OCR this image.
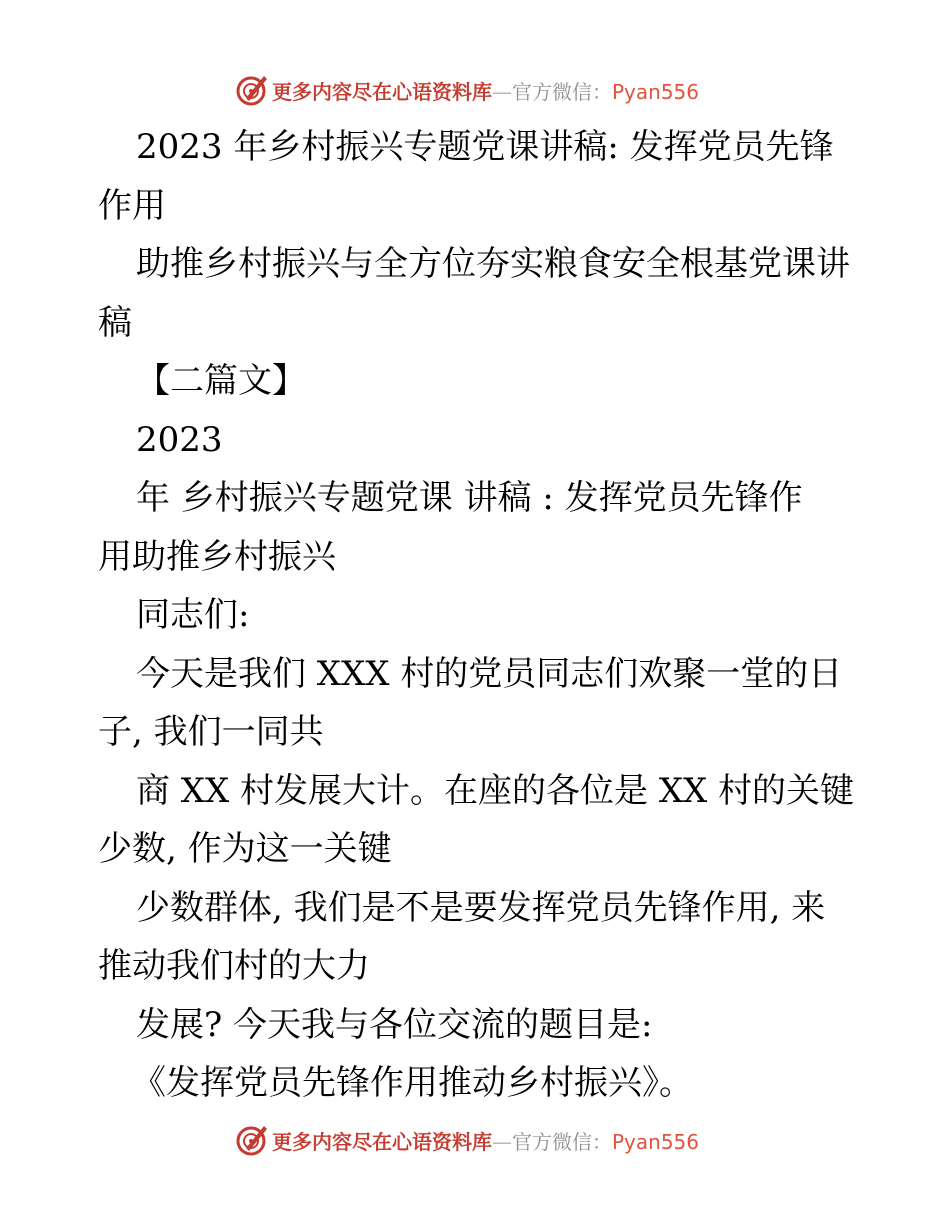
更多内容尽在心语资料库—官方微信：Pyan556
2023 年乡村振兴专题党课讲稿: 发挥党员先锋
作用
助推乡村振兴与全方位夯实粮食安全根基党课讲
稿
【二篇文】
2023
年 乡村振兴专题党课 讲稿 : 发挥党员先锋作
用助推乡村振兴
同志们:
今天是我们 XXX 村的党员同志们欢聚一堂的日
子, 我们一同共
商 XX 村发展大计。在座的各位是 XX 村的关键
少数, 作为这一关键
少数群体, 我们是不是要发挥党员先锋作用, 来
推动我们村的大力
发展? 今天我与各位交流的题目是:
《发挥党员先锋作用推动乡村振兴》。
更多内容尽在心语资料库—官方微信：Pyan556
